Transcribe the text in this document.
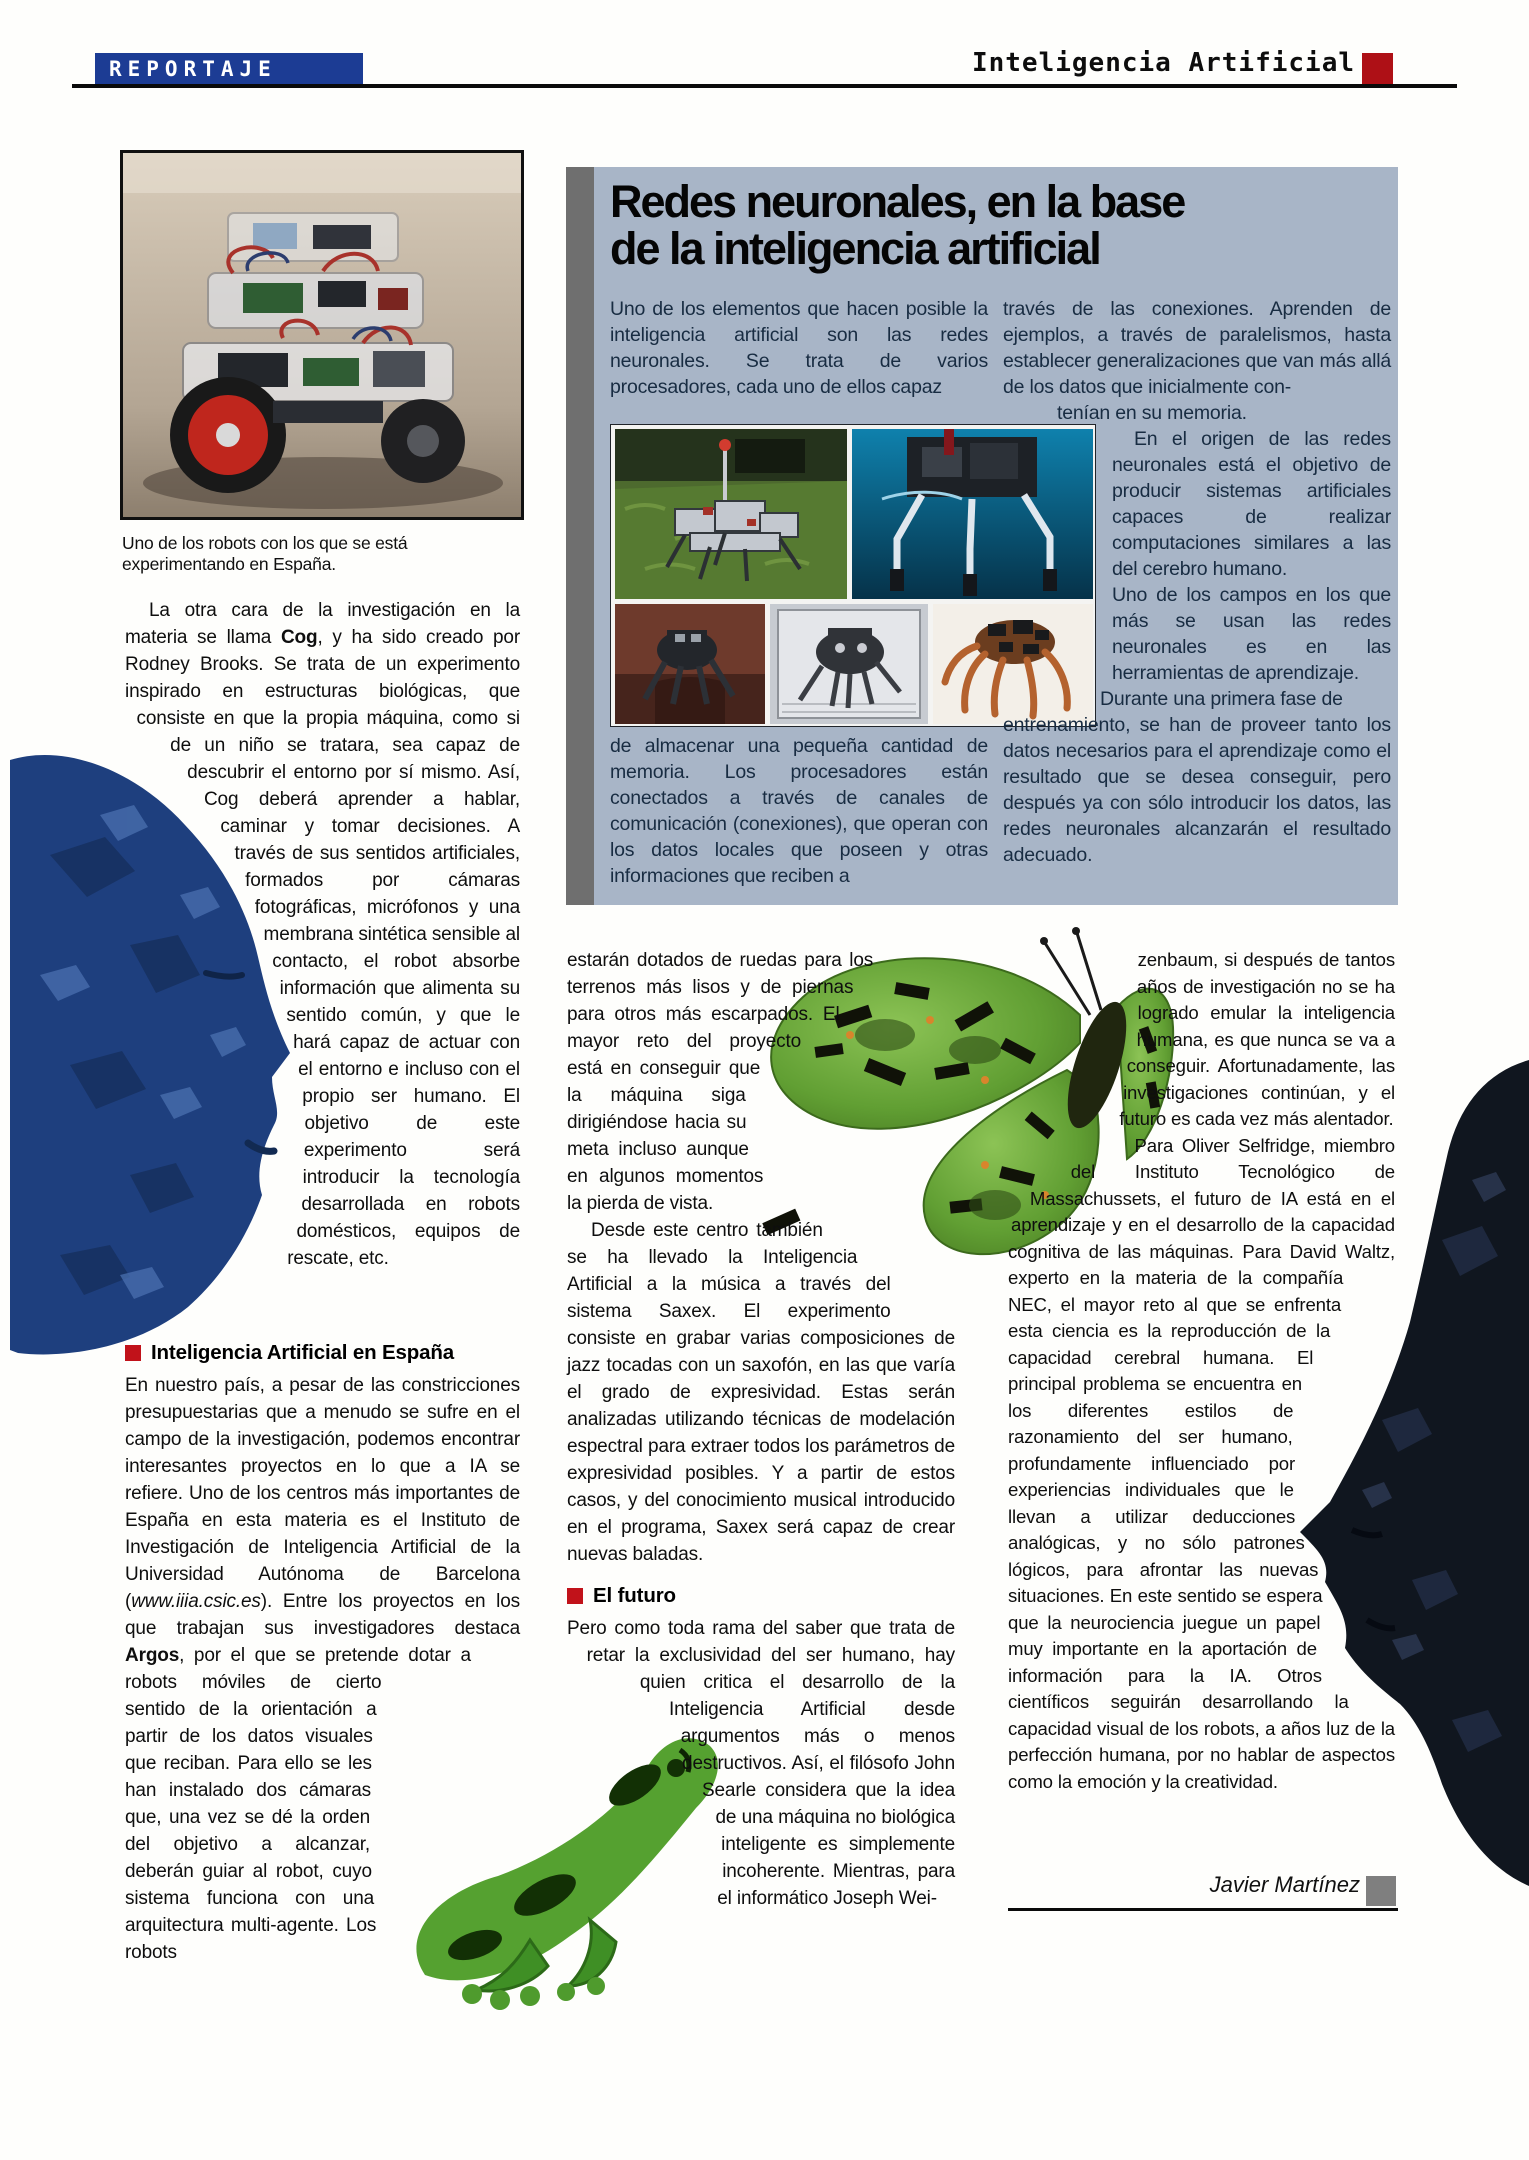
REPORTAJE	Inteligencia Artificial
Uno de los robots con los que se está experimentando en España.
Redes neuronales, en la base
de la inteligencia artificial
Uno de los elementos que hacen posible la inteligencia artificial son las redes neuronales. Se trata de varios procesadores, cada uno de ellos capaz
de almacenar una pequeña cantidad de memoria. Los procesadores están conectados a través de canales de comunicación (conexiones), que operan con los datos locales que poseen y otras informaciones que reciben a

través de las conexiones. Aprenden de ejemplos, a través de paralelismos, hasta establecer generalizaciones que van más allá de los datos que inicialmente con-

tenían en su memoria.

En el origen de las redes neuronales está el objetivo de producir sistemas artificiales capaces de realizar computaciones similares a las del cerebro humano.

Uno de los campos en los que más se usan las redes neuronales es en las herramientas de aprendizaje.

Durante una primera fase de

entrenamiento, se han de proveer tanto los datos necesarios para el aprendizaje como el resultado que se desea conseguir, pero después ya con sólo introducir los datos, las redes neuronales alcanzarán el resultado adecuado.

La otra cara de la investigación en la materia se llama Cog, y ha sido creado por Rodney Brooks. Se trata de un experimento inspirado en estructuras biológicas, que consiste en que la propia máquina, como si de un niño se tratara, sea capaz de descubrir el entorno por sí mismo. Así, Cog deberá aprender a hablar, caminar y tomar decisiones. A través de sus sentidos artificiales, formados por cámaras fotográficas, micrófonos y una membrana sintética sensible al contacto, el robot absorbe información que alimenta su sentido común, y que le hará capaz de actuar con el entorno e incluso con el propio ser humano. El objetivo de este experimento será introducir la tecnología desarrollada en robots domésticos, equipos de rescate, etc.

Inteligencia Artificial en España

En nuestro país, a pesar de las constricciones presupuestarias que a menudo se sufre en el campo de la investigación, podemos encontrar interesantes proyectos en lo que a IA se refiere. Uno de los centros más importantes de España en esta materia es el Instituto de Investigación de Inteligencia Artificial de la Universidad Autónoma de Barcelona (www.iiia.csic.es). Entre los proyectos en los que trabajan sus investigadores destaca Argos, por el que se pretende dotar a robots móviles de cierto sentido de la orientación a partir de los datos visuales que reciban. Para ello se les han instalado dos cámaras que, una vez se dé la orden del objetivo a alcanzar, deberán guiar al robot, cuyo sistema funciona con una arquitectura multi-agente. Los robots

estarán dotados de ruedas para los terrenos más lisos y de piernas para otros más escarpados. El mayor reto del proyecto está en conseguir que la máquina siga dirigiéndose hacia su meta incluso aunque en algunos momentos la pierda de vista.

Desde este centro también se ha llevado la Inteligencia Artificial a la música a través del sistema Saxex. El experimento consiste en grabar varias composiciones de jazz tocadas con un saxofón, en las que varía el grado de expresividad. Estas serán analizadas utilizando técnicas de modelación espectral para extraer todos los parámetros de expresividad posibles. Y a partir de estos casos, y del conocimiento musical introducido en el programa, Saxex será capaz de crear nuevas baladas.

El futuro

Pero como toda rama del saber que trata de retar la exclusividad del ser humano, hay quien critica el desarrollo de la Inteligencia Artificial desde argumentos más o menos destructivos. Así, el filósofo John Searle considera que la idea de una máquina no biológica inteligente es simplemente incoherente. Mientras, para el informático Joseph Wei-

zenbaum, si después de tantos años de investigación no se ha logrado emular la inteligencia humana, es que nunca se va a conseguir. Afortunadamente, las investigaciones continúan, y el futuro es cada vez más alentador.

Para Oliver Selfridge, miembro del Instituto Tecnológico de Massachussets, el futuro de IA está en el aprendizaje y en el desarrollo de la capacidad cognitiva de las máquinas. Para David Waltz, experto en la materia de la compañía NEC, el mayor reto al que se enfrenta esta ciencia es la reproducción de la capacidad cerebral humana. El principal problema se encuentra en los diferentes estilos de razonamiento del ser humano, profundamente influenciado por experiencias individuales que le llevan a utilizar deducciones analógicas, y no sólo patrones lógicos, para afrontar las nuevas situaciones. En este sentido se espera que la neurociencia juegue un papel muy importante en la aportación de información para la IA. Otros científicos seguirán desarrollando la capacidad visual de los robots, a años luz de la perfección humana, por no hablar de aspectos como la emoción y la creatividad.

Javier Martínez
